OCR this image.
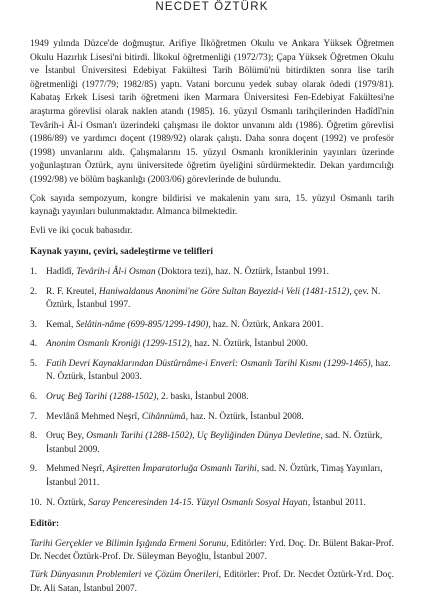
NECDET ÖZTÜRK

1949 yılında Düzce'de doğmuştur. Arifiye İlköğretmen Okulu ve Ankara Yüksek Öğretmen Okulu Hazırlık Lisesi'ni bitirdi. İlkokul öğretmenliği (1972/73); Çapa Yüksek Öğretmen Okulu ve İstanbul Üniversitesi Edebiyat Fakültesi Tarih Bölümü'nü bitirdikten sonra lise tarih öğretmenliği (1977/79; 1982/85) yaptı. Vatani borcunu yedek subay olarak ödedi (1979/81). Kabataş Erkek Lisesi tarih öğretmeni iken Marmara Üniversitesi Fen-Edebiyat Fakültesi'ne araştırma görevlisi olarak naklen atandı (1985). 16. yüzyıl Osmanlı tarihçilerinden Hadîdî'nin Tevârih-i Âl-i Osman'ı üzerindeki çalışması ile doktor unvanını aldı (1986). Öğretim görevlisi (1986/89) ve yardımcı doçent (1989/92) olarak çalıştı. Daha sonra doçent (1992) ve profesör (1998) unvanlarını aldı. Çalışmalarını 15. yüzyıl Osmanlı kroniklerinin yayınları üzerinde yoğunlaştıran Öztürk, aynı üniversitede öğretim üyeliğini sürdürmektedir. Dekan yardımcılığı (1992/98) ve bölüm başkanlığı (2003/06) görevlerinde de bulundu.

Çok sayıda sempozyum, kongre bildirisi ve makalenin yanı sıra, 15. yüzyıl Osmanlı tarih kaynağı yayınları bulunmaktadır. Almanca bilmektedir.

Evli ve iki çocuk babasıdır.

Kaynak yayını, çeviri, sadeleştirme ve telifleri
1. Hadîdî, Tevârih-i Âl-i Osman (Doktora tezi), haz. N. Öztürk, İstanbul 1991.
2. R. F. Kreutel, Haniwaldanus Anonimi'ne Göre Sultan Bayezid-i Veli (1481-1512), çev. N. Öztürk, İstanbul 1997.
3. Kemal, Selâtin-nâme (699-895/1299-1490), haz. N. Öztürk, Ankara 2001.
4. Anonim Osmanlı Kroniği (1299-1512), haz. N. Öztürk, İstanbul 2000.
5. Fatih Devri Kaynaklarından Düstûrnâme-i Enverî: Osmanlı Tarihi Kısmı (1299-1465), haz. N. Öztürk, İstanbul 2003.
6. Oruç Beğ Tarihi (1288-1502), 2. baskı, İstanbul 2008.
7. Mevlânâ Mehmed Neşrî, Cihânnümâ, haz. N. Öztürk, İstanbul 2008.
8. Oruç Bey, Osmanlı Tarihi (1288-1502), Uç Beyliğinden Dünya Devletine, sad. N. Öztürk, İstanbul 2009.
9. Mehmed Neşrî, Aşiretten İmparatorluğa Osmanlı Tarihi, sad. N. Öztürk, Timaş Yayınları, İstanbul 2011.
10. N. Öztürk, Saray Penceresinden 14-15. Yüzyıl Osmanlı Sosyal Hayatı, İstanbul 2011.
Editör:

Tarihi Gerçekler ve Bilimin Işığında Ermeni Sorunu, Editörler: Yrd. Doç. Dr. Bülent Bakar-Prof. Dr. Necdet Öztürk-Prof. Dr. Süleyman Beyoğlu, İstanbul 2007.

Türk Dünyasının Problemleri ve Çözüm Önerileri, Editörler: Prof. Dr. Necdet Öztürk-Yrd. Doç. Dr. Ali Satan, İstanbul 2007.
